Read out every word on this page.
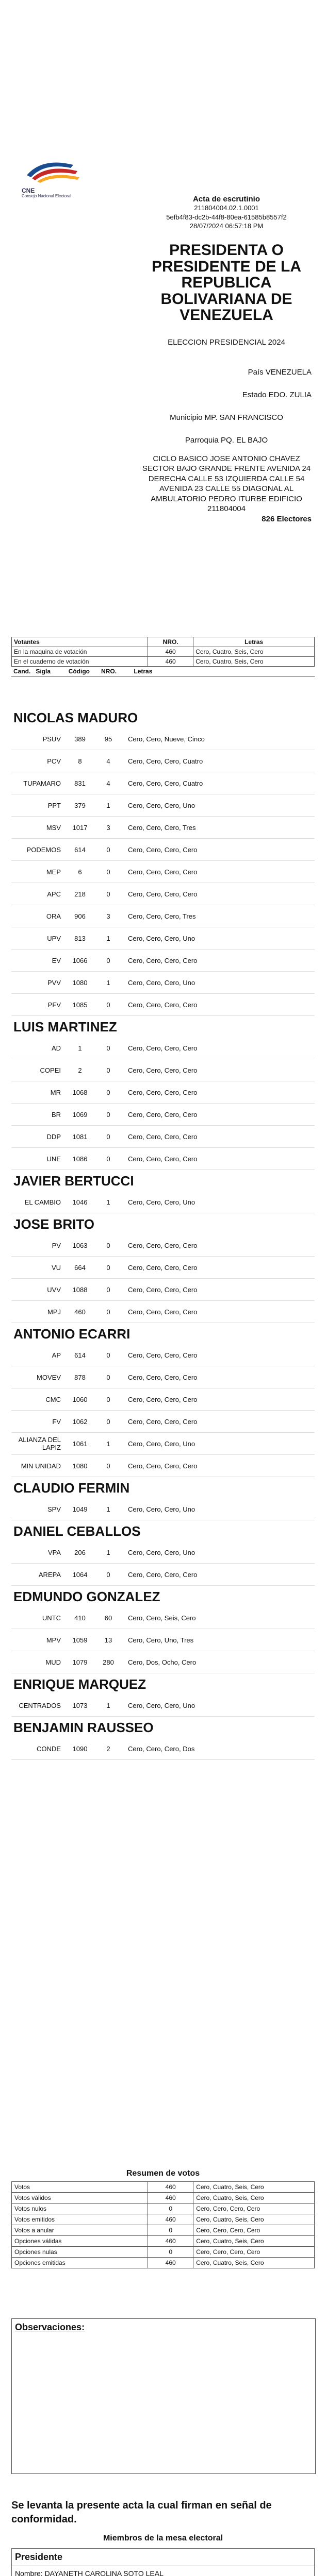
CNE
Consejo Nacional Electoral	Acta de escrutinio
211804004.02.1.0001
5efb4f83-dc2b-44f8-80ea-61585b8557f2
28/07/2024 06:57:18 PM
PRESIDENTA O PRESIDENTE DE LA REPUBLICA BOLIVARIANA DE VENEZUELA
ELECCION PRESIDENCIAL 2024
País VENEZUELA
Estado EDO. ZULIA
Municipio MP. SAN FRANCISCO
Parroquia PQ. EL BAJO
CICLO BASICO JOSE ANTONIO CHAVEZ
SECTOR BAJO GRANDE FRENTE AVENIDA 24 DERECHA CALLE 53 IZQUIERDA CALLE 54 AVENIDA 23 CALLE 55 DIAGONAL AL AMBULATORIO PEDRO ITURBE EDIFICIO
211804004
826 Electores
Votantes	NRO.	Letras
En la maquina de votación	460	Cero, Cuatro, Seis, Cero
En el cuaderno de votación	460	Cero, Cuatro, Seis, Cero
Cand. Sigla	Código NRO.	Letras
NICOLAS MADURO
PSUV	389	95	Cero, Cero, Nueve, Cinco
PCV	8	4	Cero, Cero, Cero, Cuatro
TUPAMARO	831	4	Cero, Cero, Cero, Cuatro
PPT	379	1	Cero, Cero, Cero, Uno
MSV	1017	3	Cero, Cero, Cero, Tres
PODEMOS	614	0	Cero, Cero, Cero, Cero
MEP	6	0	Cero, Cero, Cero, Cero
APC	218	0	Cero, Cero, Cero, Cero
ORA	906	3	Cero, Cero, Cero, Tres
UPV	813	1	Cero, Cero, Cero, Uno
EV	1066	0	Cero, Cero, Cero, Cero
PVV	1080	1	Cero, Cero, Cero, Uno
PFV	1085	0	Cero, Cero, Cero, Cero
LUIS MARTINEZ
AD	1	0	Cero, Cero, Cero, Cero
COPEI	2	0	Cero, Cero, Cero, Cero
MR	1068	0	Cero, Cero, Cero, Cero
BR	1069	0	Cero, Cero, Cero, Cero
DDP	1081	0	Cero, Cero, Cero, Cero
UNE	1086	0	Cero, Cero, Cero, Cero
JAVIER BERTUCCI
EL CAMBIO	1046	1	Cero, Cero, Cero, Uno
JOSE BRITO
PV	1063	0	Cero, Cero, Cero, Cero
VU	664	0	Cero, Cero, Cero, Cero
UVV	1088	0	Cero, Cero, Cero, Cero
MPJ	460	0	Cero, Cero, Cero, Cero
ANTONIO ECARRI
AP	614	0	Cero, Cero, Cero, Cero
MOVEV	878	0	Cero, Cero, Cero, Cero
CMC	1060	0	Cero, Cero, Cero, Cero
FV	1062	0	Cero, Cero, Cero, Cero
ALIANZA DEL LAPIZ	1061	1	Cero, Cero, Cero, Uno
MIN UNIDAD	1080	0	Cero, Cero, Cero, Cero
CLAUDIO FERMIN
SPV	1049	1	Cero, Cero, Cero, Uno
DANIEL CEBALLOS
VPA	206	1	Cero, Cero, Cero, Uno
AREPA	1064	0	Cero, Cero, Cero, Cero
EDMUNDO GONZALEZ
UNTC	410	60	Cero, Cero, Seis, Cero
MPV	1059	13	Cero, Cero, Uno, Tres
MUD	1079	280	Cero, Dos, Ocho, Cero
ENRIQUE MARQUEZ
CENTRADOS	1073	1	Cero, Cero, Cero, Uno
BENJAMIN RAUSSEO
CONDE	1090	2	Cero, Cero, Cero, Dos
Resumen de votos
Votos	460	Cero, Cuatro, Seis, Cero
Votos válidos	460	Cero, Cuatro, Seis, Cero
Votos nulos	0	Cero, Cero, Cero, Cero
Votos emitidos	460	Cero, Cuatro, Seis, Cero
Votos a anular	0	Cero, Cero, Cero, Cero
Opciones válidas	460	Cero, Cuatro, Seis, Cero
Opciones nulas	0	Cero, Cero, Cero, Cero
Opciones emitidas	460	Cero, Cuatro, Seis, Cero
Observaciones:
Se levanta la presente acta la cual firman en señal de conformidad.
Miembros de la mesa electoral
Presidente
Nombre: DAYANETH CAROLINA SOTO LEAL
